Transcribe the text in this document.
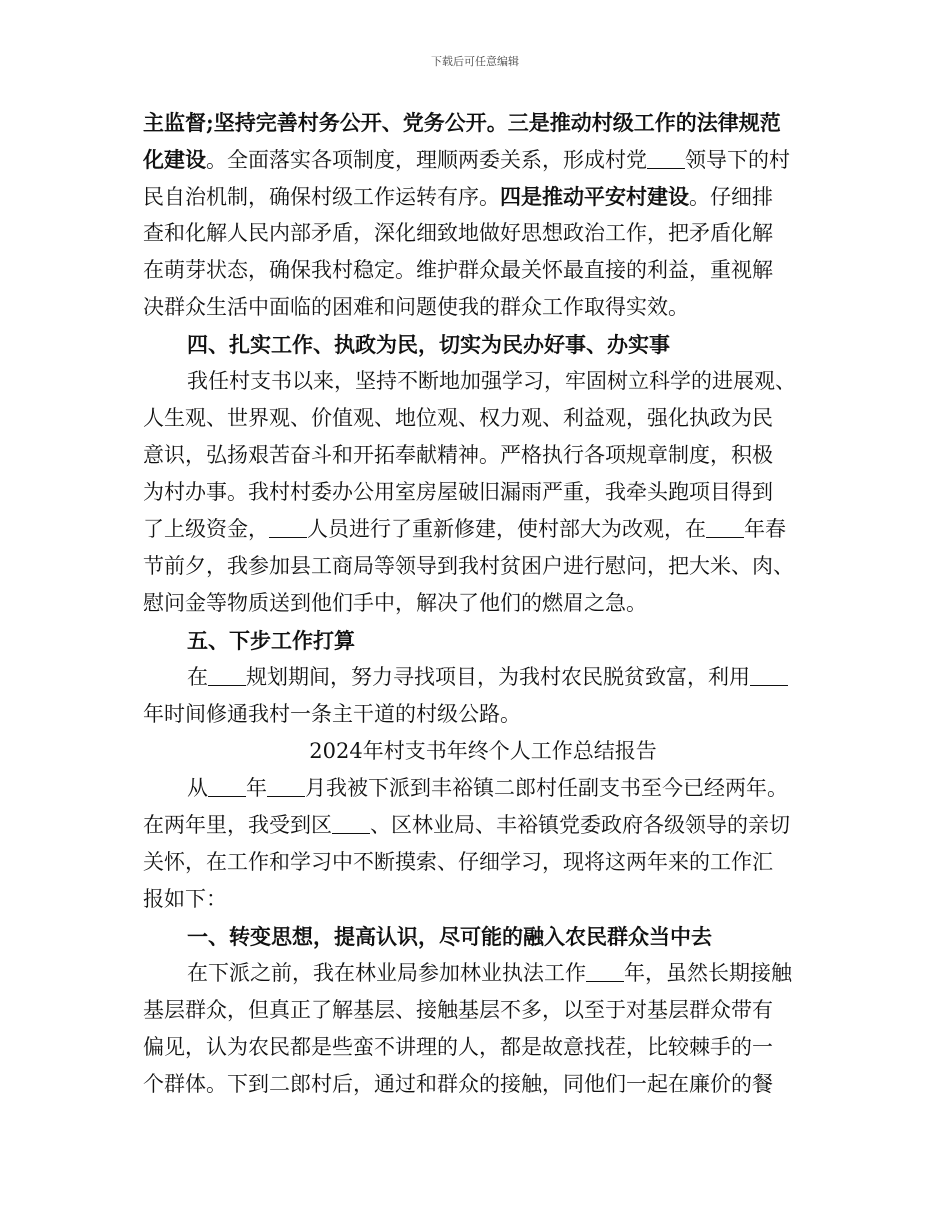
下载后可任意编辑
主监督;坚持完善村务公开、党务公开。三是推动村级工作的法律规范
化建设。全面落实各项制度，理顺两委关系，形成村党 领导下的村
民自治机制，确保村级工作运转有序。四是推动平安村建设。仔细排
查和化解人民内部矛盾，深化细致地做好思想政治工作，把矛盾化解
在萌芽状态，确保我村稳定。维护群众最关怀最直接的利益，重视解
决群众生活中面临的困难和问题使我的群众工作取得实效。
四、扎实工作、执政为民，切实为民办好事、办实事
我任村支书以来，坚持不断地加强学习，牢固树立科学的进展观、
人生观、世界观、价值观、地位观、权力观、利益观，强化执政为民
意识，弘扬艰苦奋斗和开拓奉献精神。严格执行各项规章制度，积极
为村办事。我村村委办公用室房屋破旧漏雨严重，我牵头跑项目得到
了上级资金， 人员进行了重新修建，使村部大为改观，在 年春
节前夕，我参加县工商局等领导到我村贫困户进行慰问，把大米、肉、
慰问金等物质送到他们手中，解决了他们的燃眉之急。
五、下步工作打算
在 规划期间，努力寻找项目，为我村农民脱贫致富，利用
年时间修通我村一条主干道的村级公路。
2024年村支书年终个人工作总结报告
从 年 月我被下派到丰裕镇二郎村任副支书至今已经两年。
在两年里，我受到区 、区林业局、丰裕镇党委政府各级领导的亲切
关怀，在工作和学习中不断摸索、仔细学习，现将这两年来的工作汇
报如下：
一、转变思想，提高认识，尽可能的融入农民群众当中去
在下派之前，我在林业局参加林业执法工作 年，虽然长期接触
基层群众，但真正了解基层、接触基层不多，以至于对基层群众带有
偏见，认为农民都是些蛮不讲理的人，都是故意找茬，比较棘手的一
个群体。下到二郎村后，通过和群众的接触，同他们一起在廉价的餐
